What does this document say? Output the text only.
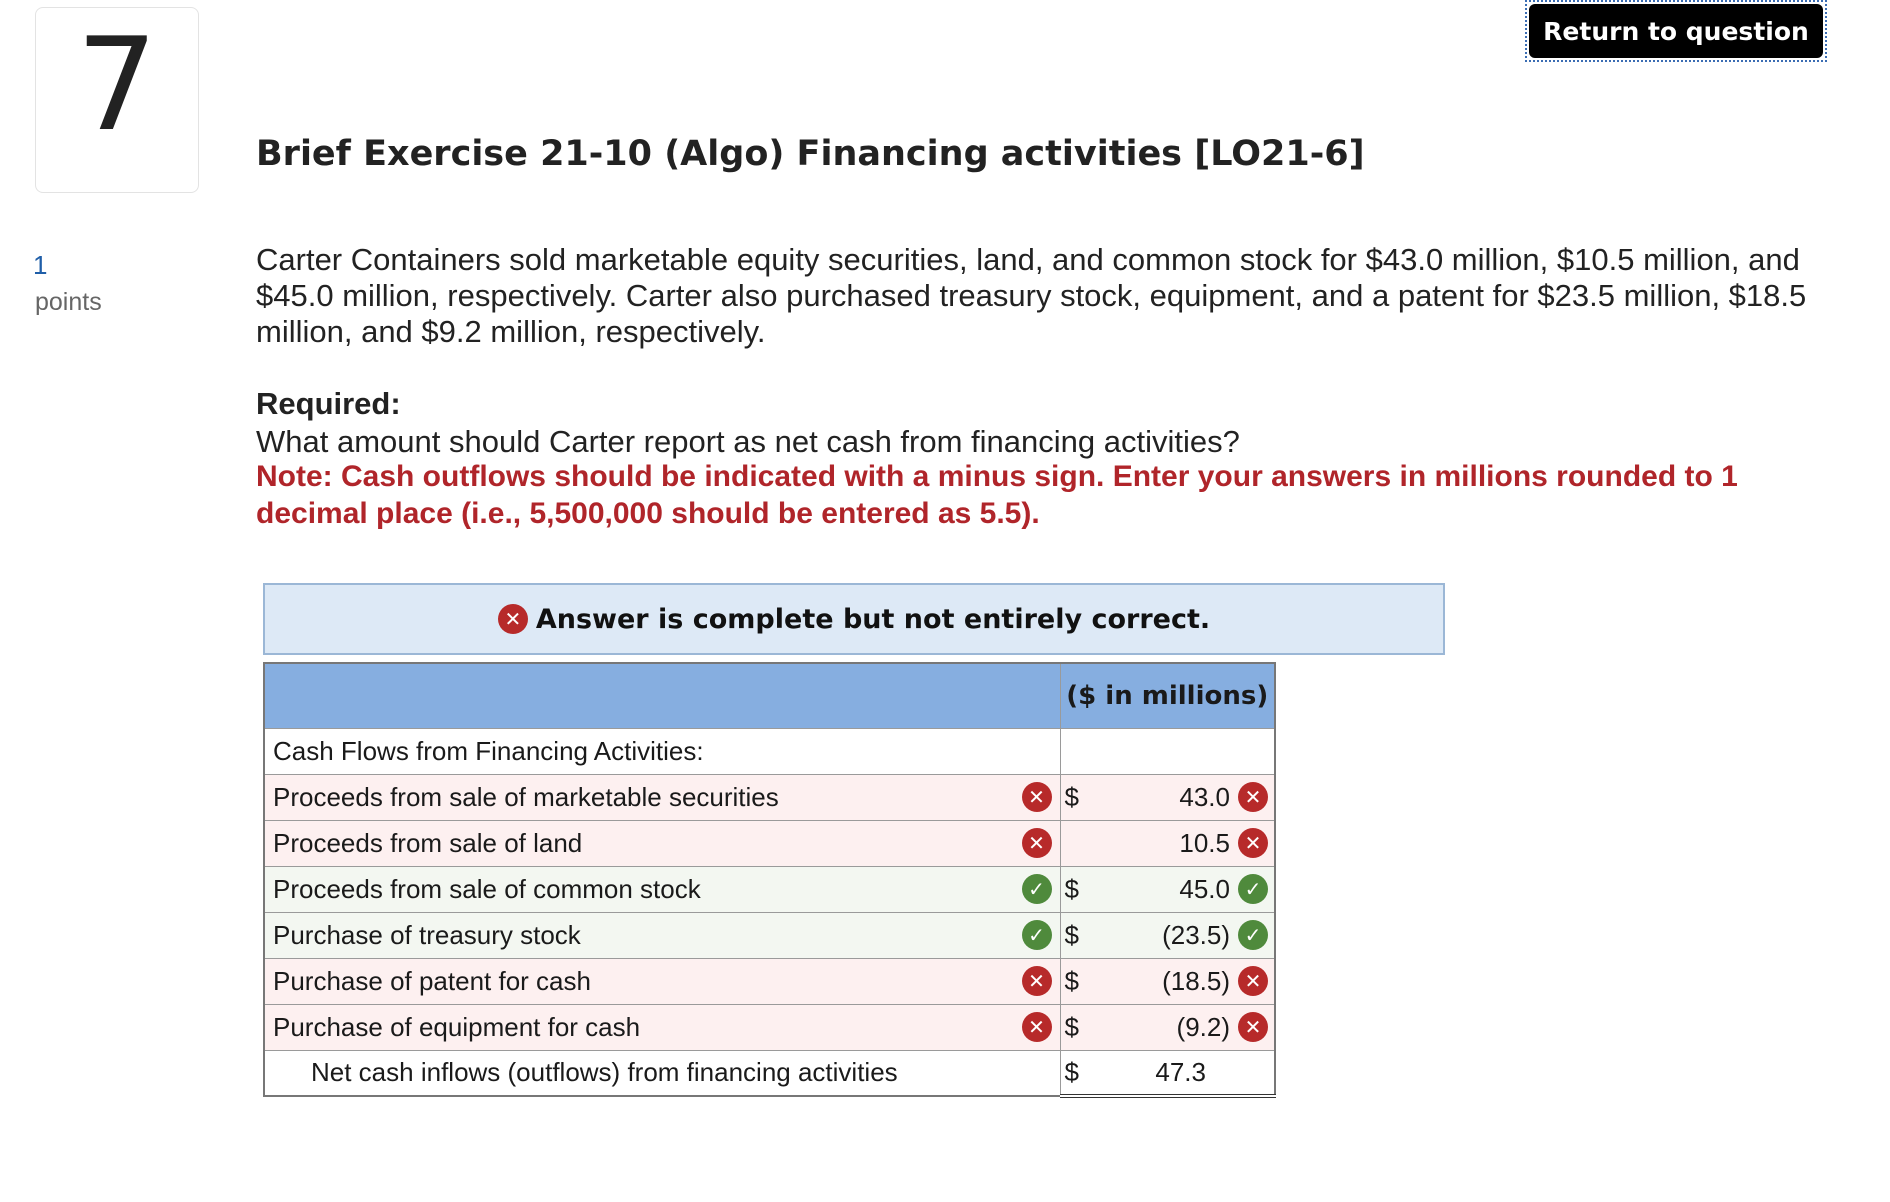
Return to question
7
1
points
Brief Exercise 21-10 (Algo) Financing activities [LO21-6]
Carter Containers sold marketable equity securities, land, and common stock for $43.0 million, $10.5 million, and $45.0 million, respectively. Carter also purchased treasury stock, equipment, and a patent for $23.5 million, $18.5 million, and $9.2 million, respectively.
Required:
What amount should Carter report as net cash from financing activities?
Note: Cash outflows should be indicated with a minus sign. Enter your answers in millions rounded to 1 decimal place (i.e., 5,500,000 should be entered as 5.5).
✕ Answer is complete but not entirely correct.
	($ in millions)
Cash Flows from Financing Activities:	

Proceeds from sale of marketable securities ✕	$ 43.0 ✕

Proceeds from sale of land ✕	10.5 ✕

Proceeds from sale of common stock ✓	$ 45.0 ✓

Purchase of treasury stock ✓	$ (23.5) ✓

Purchase of patent for cash ✕	$ (18.5) ✕

Purchase of equipment for cash ✕	$ (9.2) ✕

Net cash inflows (outflows) from financing activities	$ 47.3
